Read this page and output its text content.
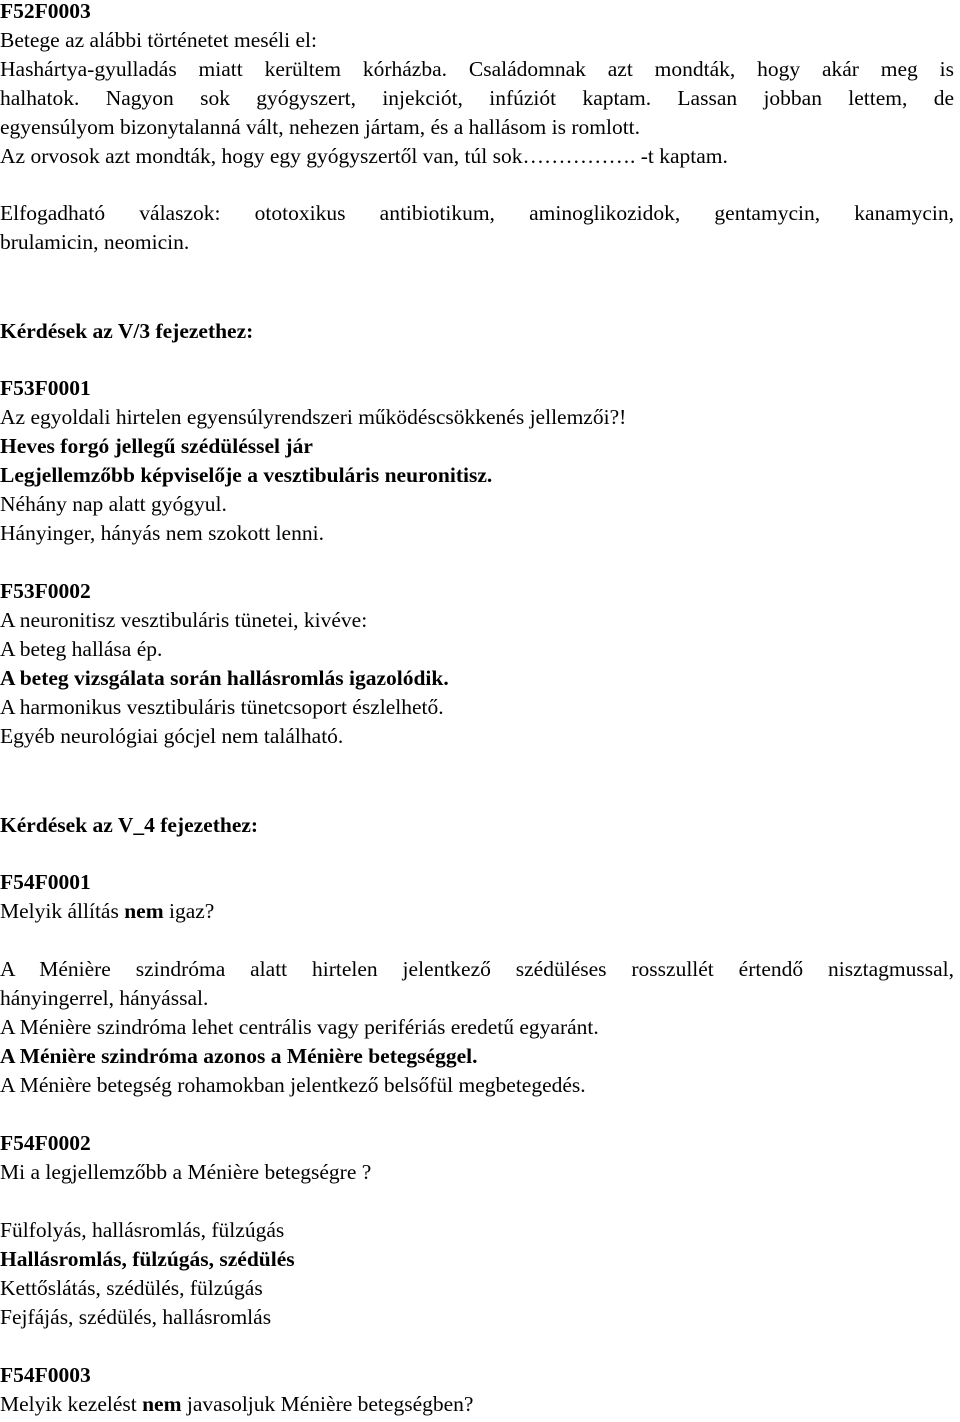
F52F0003
Betege az alábbi történetet meséli el:
Hashártya-gyulladás miatt kerültem kórházba. Családomnak azt mondták, hogy akár meg is
halhatok. Nagyon sok gyógyszert, injekciót, infúziót kaptam. Lassan jobban lettem, de
egyensúlyom bizonytalanná vált, nehezen jártam, és a hallásom is romlott.
Az orvosok azt mondták, hogy egy gyógyszertől van, túl sok……………. -t kaptam.
Elfogadható válaszok: ototoxikus antibiotikum, aminoglikozidok, gentamycin, kanamycin,
brulamicin, neomicin.
Kérdések az V/3 fejezethez:
F53F0001
Az egyoldali hirtelen egyensúlyrendszeri működéscsökkenés jellemzői?!
Heves forgó jellegű szédüléssel jár
Legjellemzőbb képviselője a vesztibuláris neuronitisz.
Néhány nap alatt gyógyul.
Hányinger, hányás nem szokott lenni.
F53F0002
A neuronitisz vesztibuláris tünetei, kivéve:
A beteg hallása ép.
A beteg vizsgálata során hallásromlás igazolódik.
A harmonikus vesztibuláris tünetcsoport észlelhető.
Egyéb neurológiai gócjel nem található.
Kérdések az V_4 fejezethez:
F54F0001
Melyik állítás nem igaz?
A Ménière szindróma alatt hirtelen jelentkező szédüléses rosszullét értendő nisztagmussal,
hányingerrel, hányással.
A Ménière szindróma lehet centrális vagy perifériás eredetű egyaránt.
A Ménière szindróma azonos a Ménière betegséggel.
A Ménière betegség rohamokban jelentkező belsőfül megbetegedés.
F54F0002
Mi a legjellemzőbb a Ménière betegségre ?
Fülfolyás, hallásromlás, fülzúgás
Hallásromlás, fülzúgás, szédülés
Kettőslátás, szédülés, fülzúgás
Fejfájás, szédülés, hallásromlás
F54F0003
Melyik kezelést nem javasoljuk Ménière betegségben?
